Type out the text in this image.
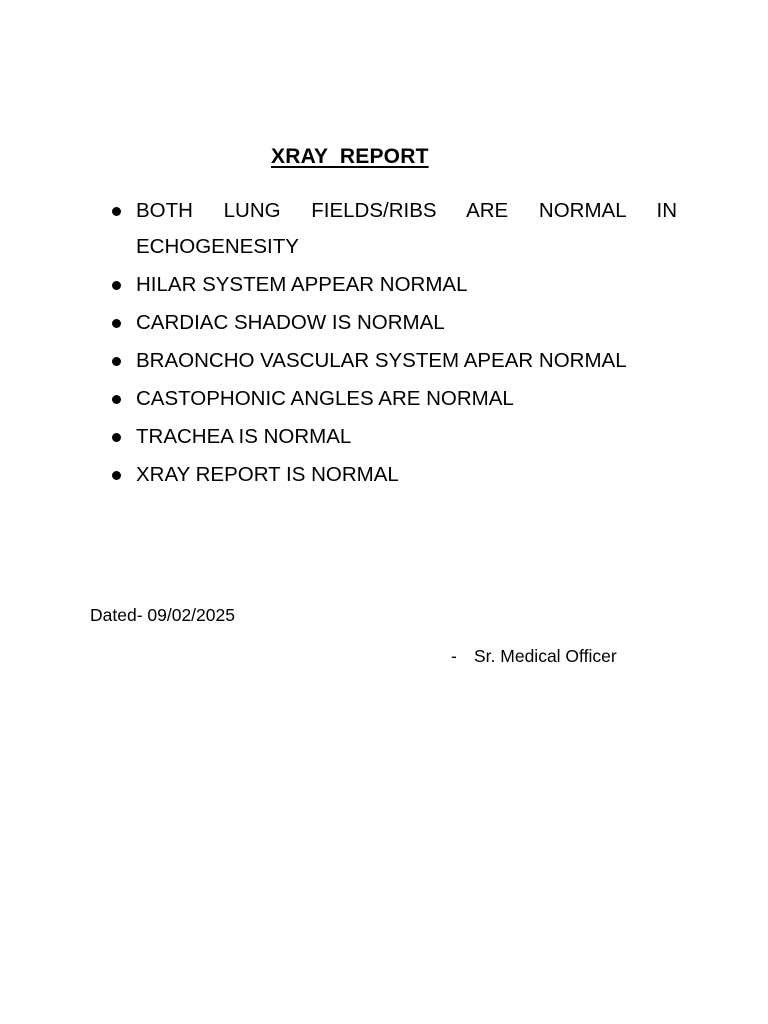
XRAY  REPORT
BOTH LUNG FIELDS/RIBS ARE NORMAL IN
ECHOGENESITY
HILAR SYSTEM APPEAR NORMAL
CARDIAC SHADOW IS NORMAL
BRAONCHO VASCULAR SYSTEM APEAR NORMAL
CASTOPHONIC ANGLES ARE NORMAL
TRACHEA IS NORMAL
XRAY REPORT IS NORMAL
Dated- 09/02/2025
- Sr. Medical Officer
